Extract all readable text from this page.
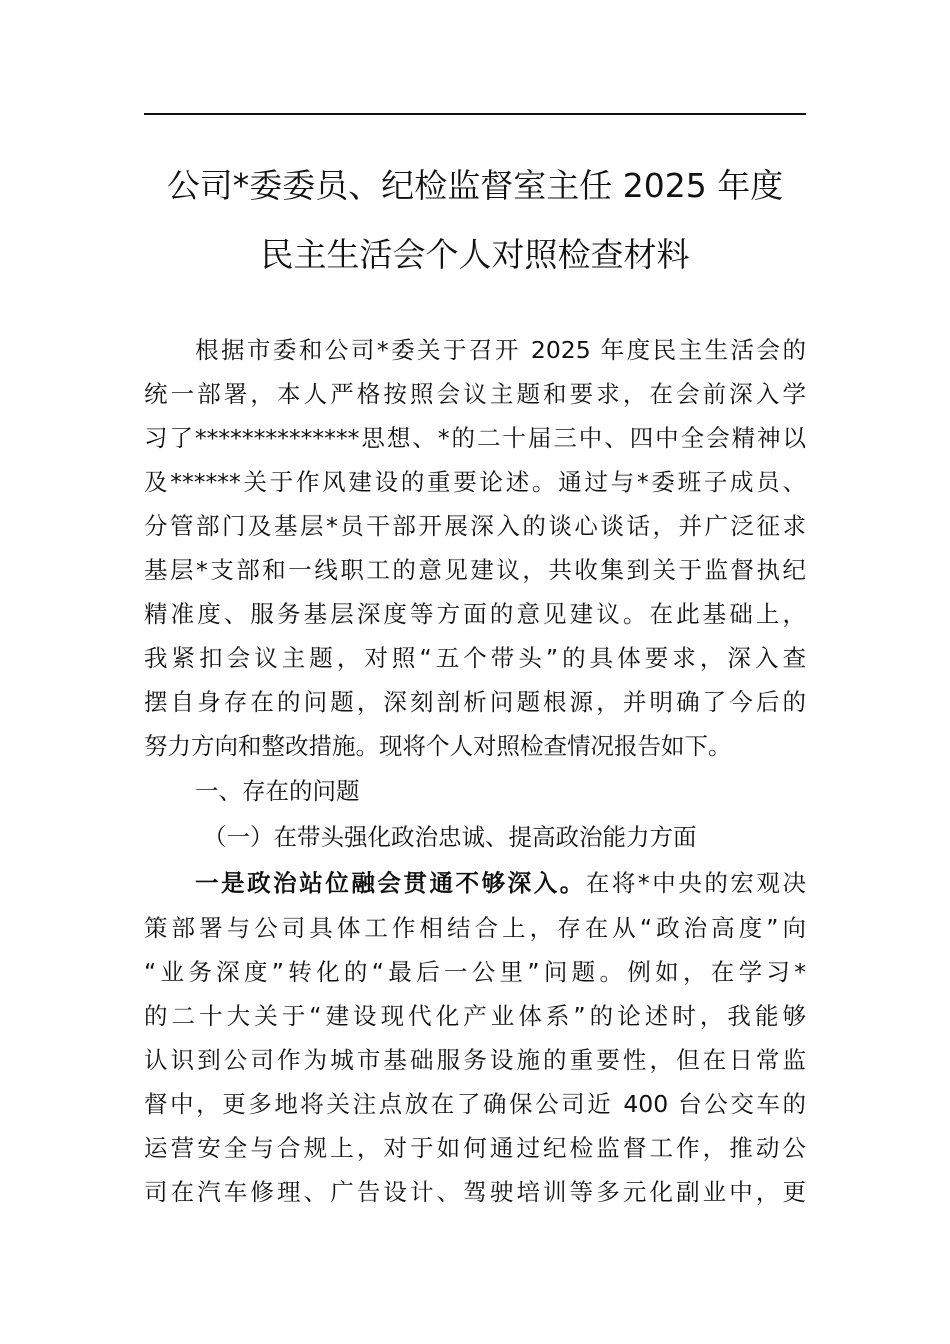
公司*委委员、纪检监督室主任 2025 年度
民主生活会个人对照检查材料
根据市委和公司*委关于召开 2025 年度民主生活会的
统一部署，本人严格按照会议主题和要求，在会前深入学
习了**************思想、*的二十届三中、四中全会精神以
及******关于作风建设的重要论述。通过与*委班子成员、
分管部门及基层*员干部开展深入的谈心谈话，并广泛征求
基层*支部和一线职工的意见建议，共收集到关于监督执纪
精准度、服务基层深度等方面的意见建议。在此基础上，
我紧扣会议主题，对照“五个带头”的具体要求，深入查
摆自身存在的问题，深刻剖析问题根源，并明确了今后的
努力方向和整改措施。现将个人对照检查情况报告如下。
一、存在的问题
（一）在带头强化政治忠诚、提高政治能力方面
一是政治站位融会贯通不够深入。在将*中央的宏观决
策部署与公司具体工作相结合上，存在从“政治高度”向
“业务深度”转化的“最后一公里”问题。例如，在学习*
的二十大关于“建设现代化产业体系”的论述时，我能够
认识到公司作为城市基础服务设施的重要性，但在日常监
督中，更多地将关注点放在了确保公司近 400 台公交车的
运营安全与合规上，对于如何通过纪检监督工作，推动公
司在汽车修理、广告设计、驾驶培训等多元化副业中，更
